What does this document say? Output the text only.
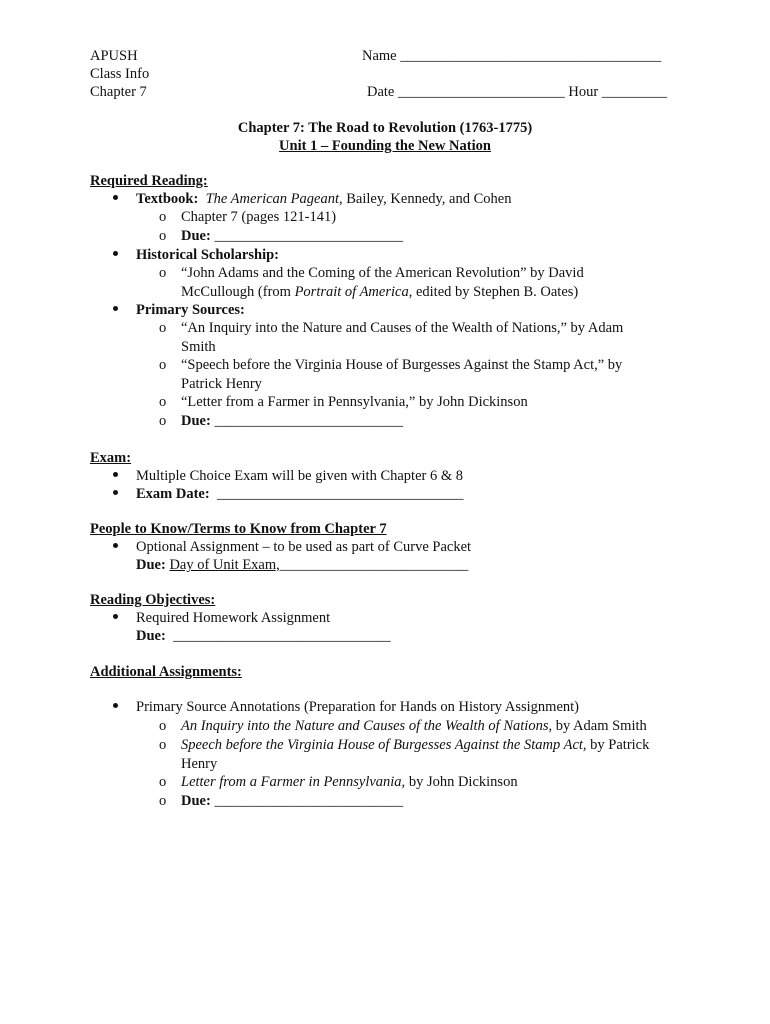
APUSH
Class Info
Chapter 7
Name ____________________________________
Date _______________________ Hour _________
Chapter 7: The Road to Revolution (1763-1775)
Unit 1 – Founding the New Nation
Required Reading:
Textbook: The American Pageant, Bailey, Kennedy, and Cohen
o Chapter 7 (pages 121-141)
o Due: __________________________
Historical Scholarship:
o “John Adams and the Coming of the American Revolution” by David
McCullough (from Portrait of America, edited by Stephen B. Oates)
Primary Sources:
o “An Inquiry into the Nature and Causes of the Wealth of Nations,” by Adam
Smith
o “Speech before the Virginia House of Burgesses Against the Stamp Act,” by
Patrick Henry
o “Letter from a Farmer in Pennsylvania,” by John Dickinson
o Due: __________________________
Exam:
Multiple Choice Exam will be given with Chapter 6 & 8
Exam Date: __________________________________
People to Know/Terms to Know from Chapter 7
Optional Assignment – to be used as part of Curve Packet
Due: Day of Unit Exam,__________________________
Reading Objectives:
Required Homework Assignment
Due: ______________________________
Additional Assignments:
Primary Source Annotations (Preparation for Hands on History Assignment)
o An Inquiry into the Nature and Causes of the Wealth of Nations, by Adam Smith
o Speech before the Virginia House of Burgesses Against the Stamp Act, by Patrick
Henry
o Letter from a Farmer in Pennsylvania, by John Dickinson
o Due: __________________________
